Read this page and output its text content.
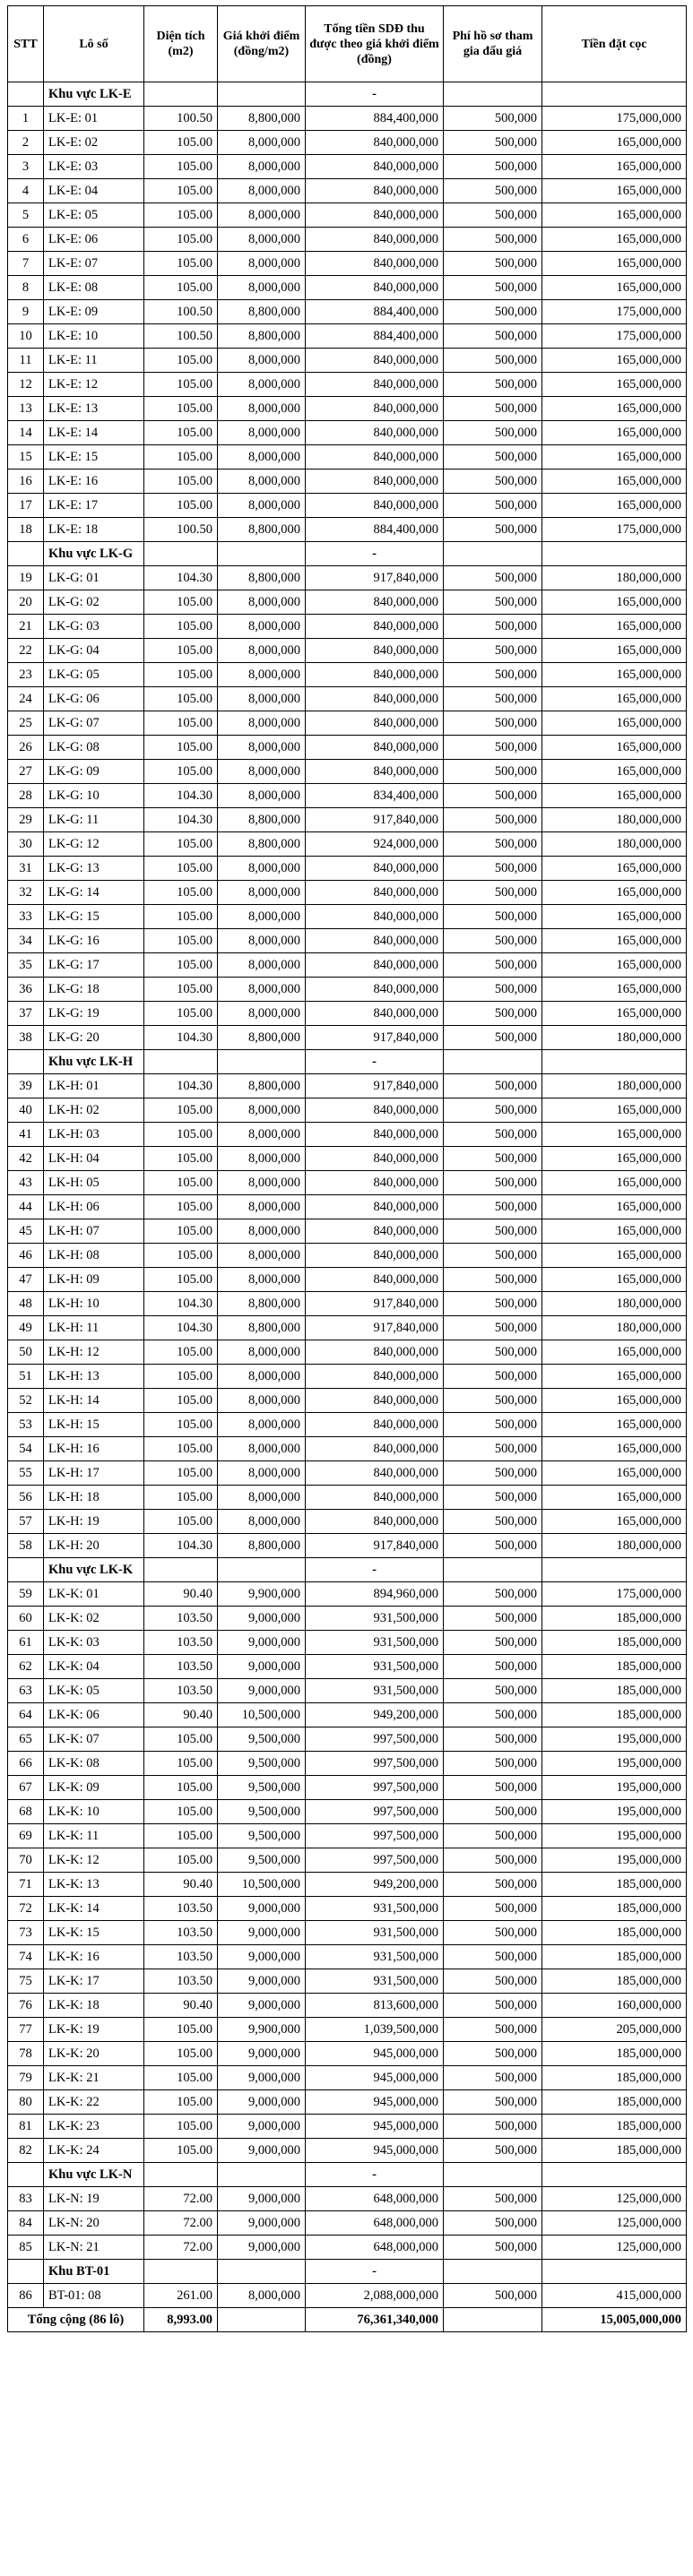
STT	Lô số	Diện tích (m2)	Giá khởi điểm (đồng/m2)	Tổng tiền SDĐ thu được theo giá khởi điểm (đồng)	Phí hồ sơ tham gia đấu giá	Tiền đặt cọc
	Khu vực LK-E			-		
1	LK-E: 01	100.50	8,800,000	884,400,000	500,000	175,000,000
2	LK-E: 02	105.00	8,000,000	840,000,000	500,000	165,000,000
3	LK-E: 03	105.00	8,000,000	840,000,000	500,000	165,000,000
4	LK-E: 04	105.00	8,000,000	840,000,000	500,000	165,000,000
5	LK-E: 05	105.00	8,000,000	840,000,000	500,000	165,000,000
6	LK-E: 06	105.00	8,000,000	840,000,000	500,000	165,000,000
7	LK-E: 07	105.00	8,000,000	840,000,000	500,000	165,000,000
8	LK-E: 08	105.00	8,000,000	840,000,000	500,000	165,000,000
9	LK-E: 09	100.50	8,800,000	884,400,000	500,000	175,000,000
10	LK-E: 10	100.50	8,800,000	884,400,000	500,000	175,000,000
11	LK-E: 11	105.00	8,000,000	840,000,000	500,000	165,000,000
12	LK-E: 12	105.00	8,000,000	840,000,000	500,000	165,000,000
13	LK-E: 13	105.00	8,000,000	840,000,000	500,000	165,000,000
14	LK-E: 14	105.00	8,000,000	840,000,000	500,000	165,000,000
15	LK-E: 15	105.00	8,000,000	840,000,000	500,000	165,000,000
16	LK-E: 16	105.00	8,000,000	840,000,000	500,000	165,000,000
17	LK-E: 17	105.00	8,000,000	840,000,000	500,000	165,000,000
18	LK-E: 18	100.50	8,800,000	884,400,000	500,000	175,000,000
	Khu vực LK-G			-		
19	LK-G: 01	104.30	8,800,000	917,840,000	500,000	180,000,000
20	LK-G: 02	105.00	8,000,000	840,000,000	500,000	165,000,000
21	LK-G: 03	105.00	8,000,000	840,000,000	500,000	165,000,000
22	LK-G: 04	105.00	8,000,000	840,000,000	500,000	165,000,000
23	LK-G: 05	105.00	8,000,000	840,000,000	500,000	165,000,000
24	LK-G: 06	105.00	8,000,000	840,000,000	500,000	165,000,000
25	LK-G: 07	105.00	8,000,000	840,000,000	500,000	165,000,000
26	LK-G: 08	105.00	8,000,000	840,000,000	500,000	165,000,000
27	LK-G: 09	105.00	8,000,000	840,000,000	500,000	165,000,000
28	LK-G: 10	104.30	8,000,000	834,400,000	500,000	165,000,000
29	LK-G: 11	104.30	8,800,000	917,840,000	500,000	180,000,000
30	LK-G: 12	105.00	8,800,000	924,000,000	500,000	180,000,000
31	LK-G: 13	105.00	8,000,000	840,000,000	500,000	165,000,000
32	LK-G: 14	105.00	8,000,000	840,000,000	500,000	165,000,000
33	LK-G: 15	105.00	8,000,000	840,000,000	500,000	165,000,000
34	LK-G: 16	105.00	8,000,000	840,000,000	500,000	165,000,000
35	LK-G: 17	105.00	8,000,000	840,000,000	500,000	165,000,000
36	LK-G: 18	105.00	8,000,000	840,000,000	500,000	165,000,000
37	LK-G: 19	105.00	8,000,000	840,000,000	500,000	165,000,000
38	LK-G: 20	104.30	8,800,000	917,840,000	500,000	180,000,000
	Khu vực LK-H			-		
39	LK-H: 01	104.30	8,800,000	917,840,000	500,000	180,000,000
40	LK-H: 02	105.00	8,000,000	840,000,000	500,000	165,000,000
41	LK-H: 03	105.00	8,000,000	840,000,000	500,000	165,000,000
42	LK-H: 04	105.00	8,000,000	840,000,000	500,000	165,000,000
43	LK-H: 05	105.00	8,000,000	840,000,000	500,000	165,000,000
44	LK-H: 06	105.00	8,000,000	840,000,000	500,000	165,000,000
45	LK-H: 07	105.00	8,000,000	840,000,000	500,000	165,000,000
46	LK-H: 08	105.00	8,000,000	840,000,000	500,000	165,000,000
47	LK-H: 09	105.00	8,000,000	840,000,000	500,000	165,000,000
48	LK-H: 10	104.30	8,800,000	917,840,000	500,000	180,000,000
49	LK-H: 11	104.30	8,800,000	917,840,000	500,000	180,000,000
50	LK-H: 12	105.00	8,000,000	840,000,000	500,000	165,000,000
51	LK-H: 13	105.00	8,000,000	840,000,000	500,000	165,000,000
52	LK-H: 14	105.00	8,000,000	840,000,000	500,000	165,000,000
53	LK-H: 15	105.00	8,000,000	840,000,000	500,000	165,000,000
54	LK-H: 16	105.00	8,000,000	840,000,000	500,000	165,000,000
55	LK-H: 17	105.00	8,000,000	840,000,000	500,000	165,000,000
56	LK-H: 18	105.00	8,000,000	840,000,000	500,000	165,000,000
57	LK-H: 19	105.00	8,000,000	840,000,000	500,000	165,000,000
58	LK-H: 20	104.30	8,800,000	917,840,000	500,000	180,000,000
	Khu vực LK-K			-		
59	LK-K: 01	90.40	9,900,000	894,960,000	500,000	175,000,000
60	LK-K: 02	103.50	9,000,000	931,500,000	500,000	185,000,000
61	LK-K: 03	103.50	9,000,000	931,500,000	500,000	185,000,000
62	LK-K: 04	103.50	9,000,000	931,500,000	500,000	185,000,000
63	LK-K: 05	103.50	9,000,000	931,500,000	500,000	185,000,000
64	LK-K: 06	90.40	10,500,000	949,200,000	500,000	185,000,000
65	LK-K: 07	105.00	9,500,000	997,500,000	500,000	195,000,000
66	LK-K: 08	105.00	9,500,000	997,500,000	500,000	195,000,000
67	LK-K: 09	105.00	9,500,000	997,500,000	500,000	195,000,000
68	LK-K: 10	105.00	9,500,000	997,500,000	500,000	195,000,000
69	LK-K: 11	105.00	9,500,000	997,500,000	500,000	195,000,000
70	LK-K: 12	105.00	9,500,000	997,500,000	500,000	195,000,000
71	LK-K: 13	90.40	10,500,000	949,200,000	500,000	185,000,000
72	LK-K: 14	103.50	9,000,000	931,500,000	500,000	185,000,000
73	LK-K: 15	103.50	9,000,000	931,500,000	500,000	185,000,000
74	LK-K: 16	103.50	9,000,000	931,500,000	500,000	185,000,000
75	LK-K: 17	103.50	9,000,000	931,500,000	500,000	185,000,000
76	LK-K: 18	90.40	9,000,000	813,600,000	500,000	160,000,000
77	LK-K: 19	105.00	9,900,000	1,039,500,000	500,000	205,000,000
78	LK-K: 20	105.00	9,000,000	945,000,000	500,000	185,000,000
79	LK-K: 21	105.00	9,000,000	945,000,000	500,000	185,000,000
80	LK-K: 22	105.00	9,000,000	945,000,000	500,000	185,000,000
81	LK-K: 23	105.00	9,000,000	945,000,000	500,000	185,000,000
82	LK-K: 24	105.00	9,000,000	945,000,000	500,000	185,000,000
	Khu vực LK-N			-		
83	LK-N: 19	72.00	9,000,000	648,000,000	500,000	125,000,000
84	LK-N: 20	72.00	9,000,000	648,000,000	500,000	125,000,000
85	LK-N: 21	72.00	9,000,000	648,000,000	500,000	125,000,000
	Khu BT-01			-		
86	BT-01: 08	261.00	8,000,000	2,088,000,000	500,000	415,000,000
Tổng cộng (86 lô)		8,993.00		76,361,340,000		15,005,000,000
